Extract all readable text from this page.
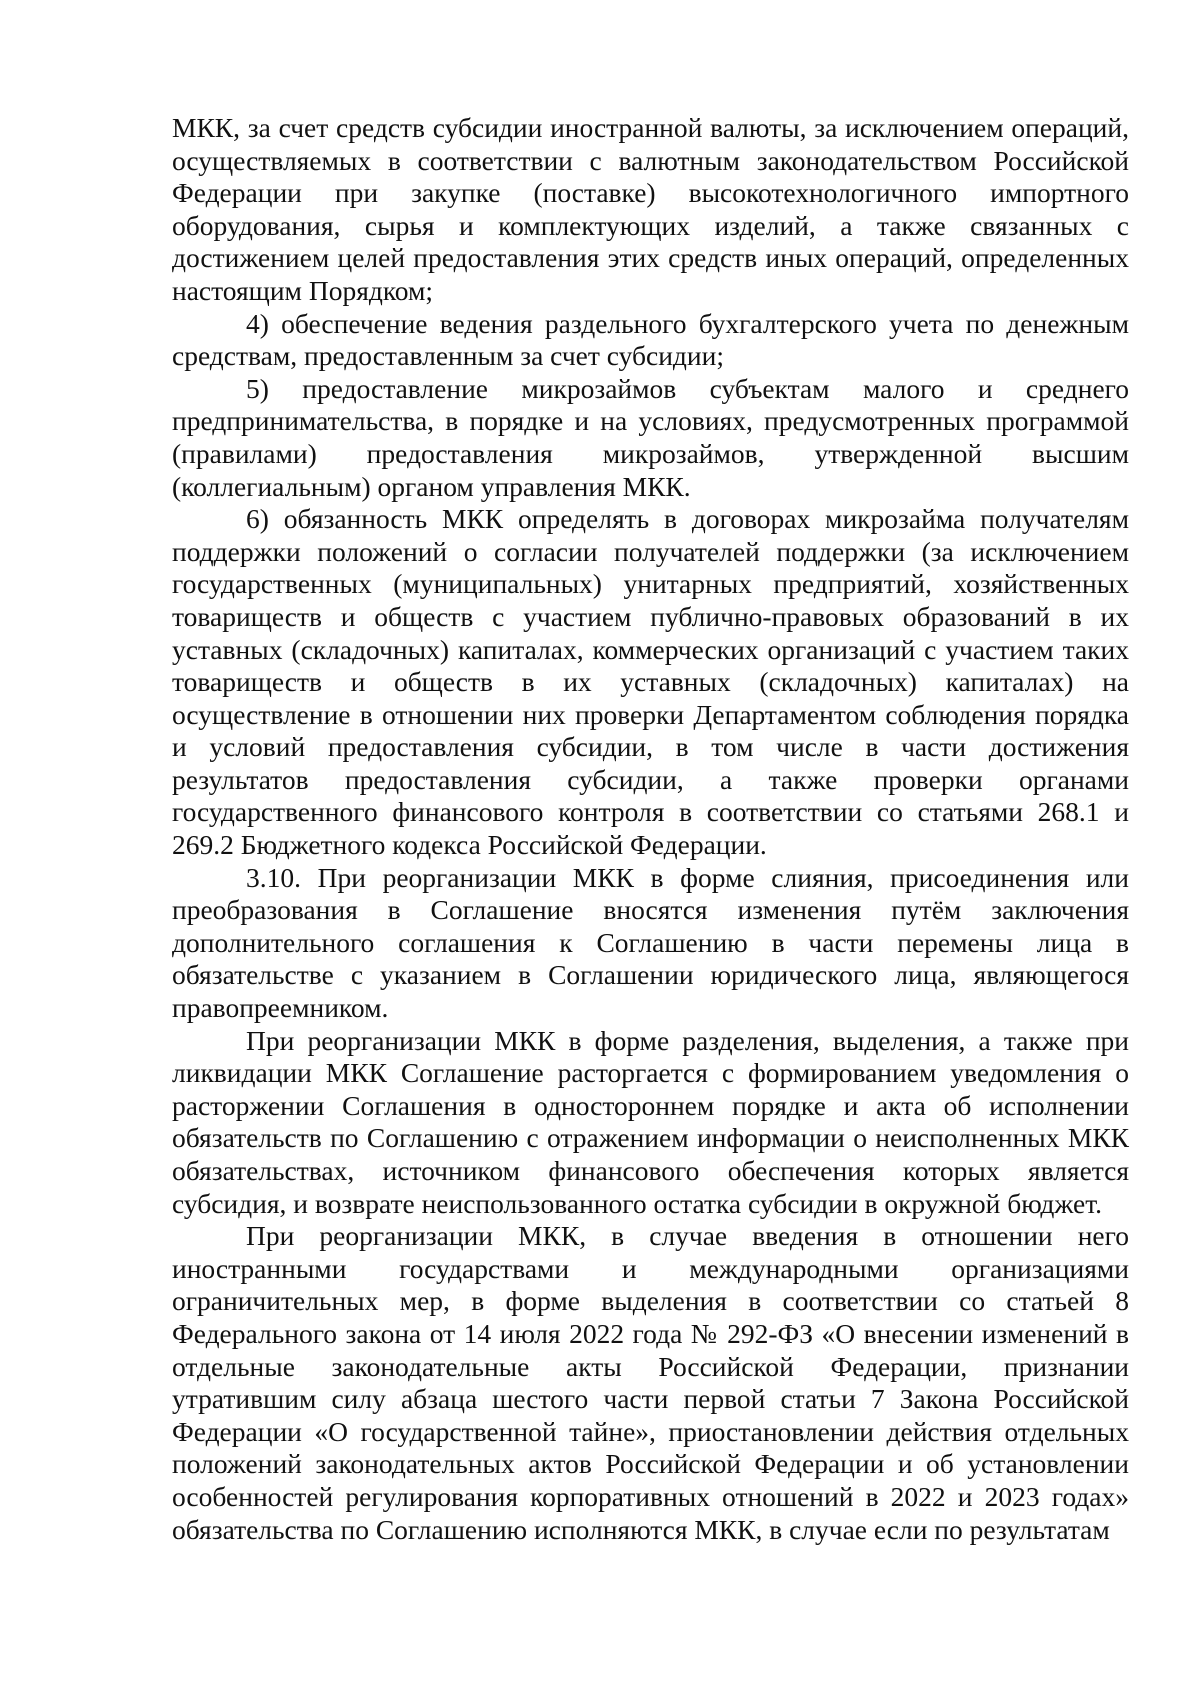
МКК, за счет средств субсидии иностранной валюты, за исключением операций, осуществляемых в соответствии с валютным законодательством Российской Федерации при закупке (поставке) высокотехнологичного импортного оборудования, сырья и комплектующих изделий, а также связанных с достижением целей предоставления этих средств иных операций, определенных настоящим Порядком;

4) обеспечение ведения раздельного бухгалтерского учета по денежным средствам, предоставленным за счет субсидии;

5) предоставление микрозаймов субъектам малого и среднего предпринимательства, в порядке и на условиях, предусмотренных программой (правилами) предоставления микрозаймов, утвержденной высшим (коллегиальным) органом управления МКК.

6) обязанность МКК определять в договорах микрозайма получателям поддержки положений о согласии получателей поддержки (за исключением государственных (муниципальных) унитарных предприятий, хозяйственных товариществ и обществ с участием публично-правовых образований в их уставных (складочных) капиталах, коммерческих организаций с участием таких товариществ и обществ в их уставных (складочных) капиталах) на осуществление в отношении них проверки Департаментом соблюдения порядка и условий предоставления субсидии, в том числе в части достижения результатов предоставления субсидии, а также проверки органами государственного финансового контроля в соответствии со статьями 268.1 и 269.2 Бюджетного кодекса Российской Федерации.

3.10. При реорганизации МКК в форме слияния, присоединения или преобразования в Соглашение вносятся изменения путём заключения дополнительного соглашения к Соглашению в части перемены лица в обязательстве с указанием в Соглашении юридического лица, являющегося правопреемником.

При реорганизации МКК в форме разделения, выделения, а также при ликвидации МКК Соглашение расторгается с формированием уведомления о расторжении Соглашения в одностороннем порядке и акта об исполнении обязательств по Соглашению с отражением информации о неисполненных МКК обязательствах, источником финансового обеспечения которых является субсидия, и возврате неиспользованного остатка субсидии в окружной бюджет.

При реорганизации МКК, в случае введения в отношении него иностранными государствами и международными организациями ограничительных мер, в форме выделения в соответствии со статьей 8 Федерального закона от 14 июля 2022 года № 292-ФЗ «О внесении изменений в отдельные законодательные акты Российской Федерации, признании утратившим силу абзаца шестого части первой статьи 7 Закона Российской Федерации «О государственной тайне», приостановлении действия отдельных положений законодательных актов Российской Федерации и об установлении особенностей регулирования корпоративных отношений в 2022 и 2023 годах» обязательства по Соглашению исполняются МКК, в случае если по результатам
